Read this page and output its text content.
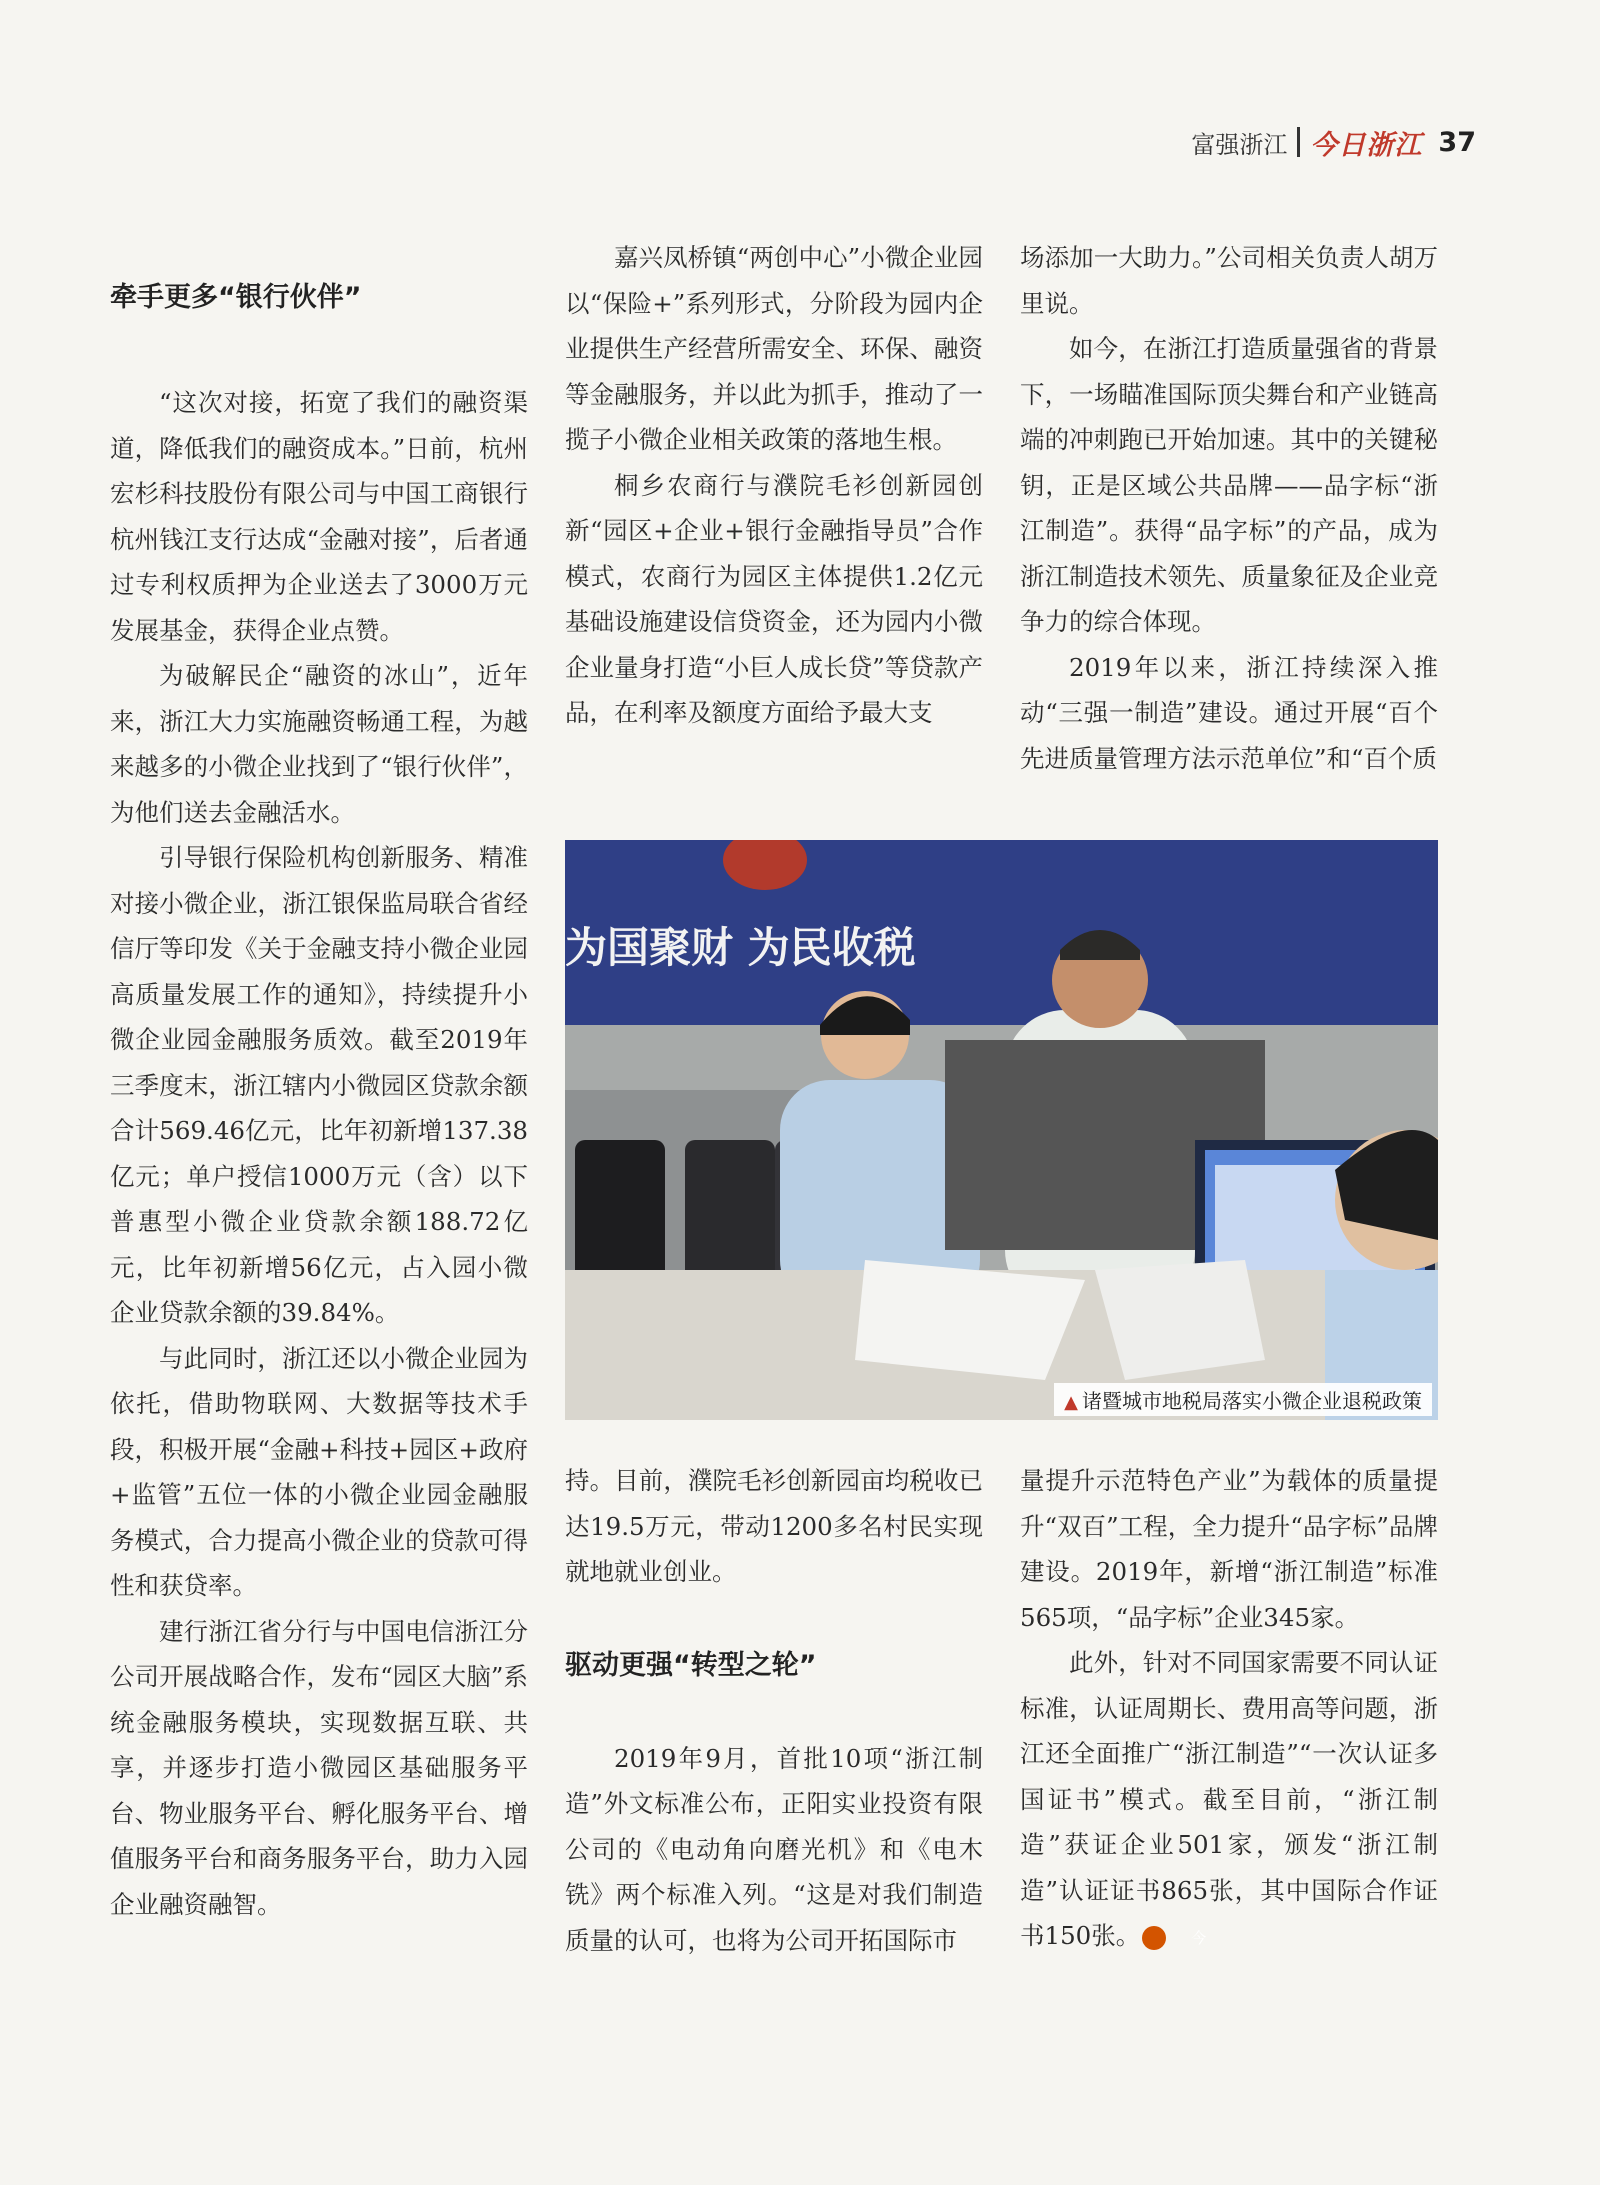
富强浙江 今日浙江 37
牵手更多“银行伙伴”

“这次对接，拓宽了我们的融资渠道，降低我们的融资成本。”日前，杭州宏杉科技股份有限公司与中国工商银行杭州钱江支行达成“金融对接”，后者通过专利权质押为企业送去了3000万元发展基金，获得企业点赞。

为破解民企“融资的冰山”，近年来，浙江大力实施融资畅通工程，为越来越多的小微企业找到了“银行伙伴”，为他们送去金融活水。

引导银行保险机构创新服务、精准对接小微企业，浙江银保监局联合省经信厅等印发《关于金融支持小微企业园高质量发展工作的通知》，持续提升小微企业园金融服务质效。截至2019年三季度末，浙江辖内小微园区贷款余额合计569.46亿元，比年初新增137.38亿元；单户授信1000万元（含）以下普惠型小微企业贷款余额188.72亿元，比年初新增56亿元，占入园小微企业贷款余额的39.84%。

与此同时，浙江还以小微企业园为依托，借助物联网、大数据等技术手段，积极开展“金融+科技+园区+政府+监管”五位一体的小微企业园金融服务模式，合力提高小微企业的贷款可得性和获贷率。

建行浙江省分行与中国电信浙江分公司开展战略合作，发布“园区大脑”系统金融服务模块，实现数据互联、共享，并逐步打造小微园区基础服务平台、物业服务平台、孵化服务平台、增值服务平台和商务服务平台，助力入园企业融资融智。

嘉兴凤桥镇“两创中心”小微企业园以“保险+”系列形式，分阶段为园内企业提供生产经营所需安全、环保、融资等金融服务，并以此为抓手，推动了一揽子小微企业相关政策的落地生根。

桐乡农商行与濮院毛衫创新园创新“园区+企业+银行金融指导员”合作模式，农商行为园区主体提供1.2亿元基础设施建设信贷资金，还为园内小微企业量身打造“小巨人成长贷”等贷款产品，在利率及额度方面给予最大支

场添加一大助力。”公司相关负责人胡万里说。

如今，在浙江打造质量强省的背景下，一场瞄准国际顶尖舞台和产业链高端的冲刺跑已开始加速。其中的关键秘钥，正是区域公共品牌——品字标“浙江制造”。获得“品字标”的产品，成为浙江制造技术领先、质量象征及企业竞争力的综合体现。

2019年以来，浙江持续深入推动“三强一制造”建设。通过开展“百个先进质量管理方法示范单位”和“百个质

为国聚财 为民收税
▲ 诸暨城市地税局落实小微企业退税政策

持。目前，濮院毛衫创新园亩均税收已达19.5万元，带动1200多名村民实现就地就业创业。

驱动更强“转型之轮”

2019年9月，首批10项“浙江制造”外文标准公布，正阳实业投资有限公司的《电动角向磨光机》和《电木铣》两个标准入列。“这是对我们制造质量的认可，也将为公司开拓国际市

量提升示范特色产业”为载体的质量提升“双百”工程，全力提升“品字标”品牌建设。2019年，新增“浙江制造”标准565项，“品字标”企业345家。

此外，针对不同国家需要不同认证标准，认证周期长、费用高等问题，浙江还全面推广“浙江制造”“一次认证多国证书”模式。截至目前，“浙江制造”获证企业501家，颁发“浙江制造”认证证书865张，其中国际合作证书150张。	今
